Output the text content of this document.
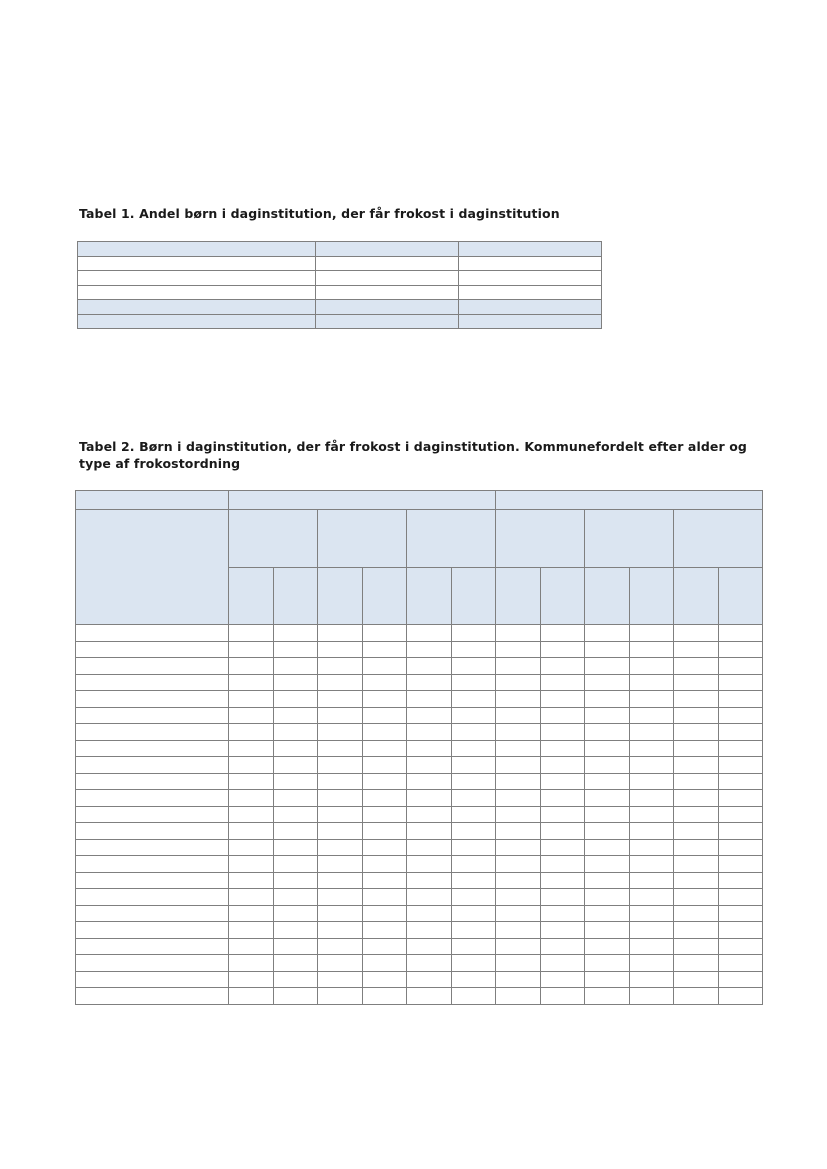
Tabel 1. Andel børn i daginstitution, der får frokost i daginstitution

Tabel 2. Børn i daginstitution, der får frokost i daginstitution. Kommunefordelt efter alder og type af frokostordning
